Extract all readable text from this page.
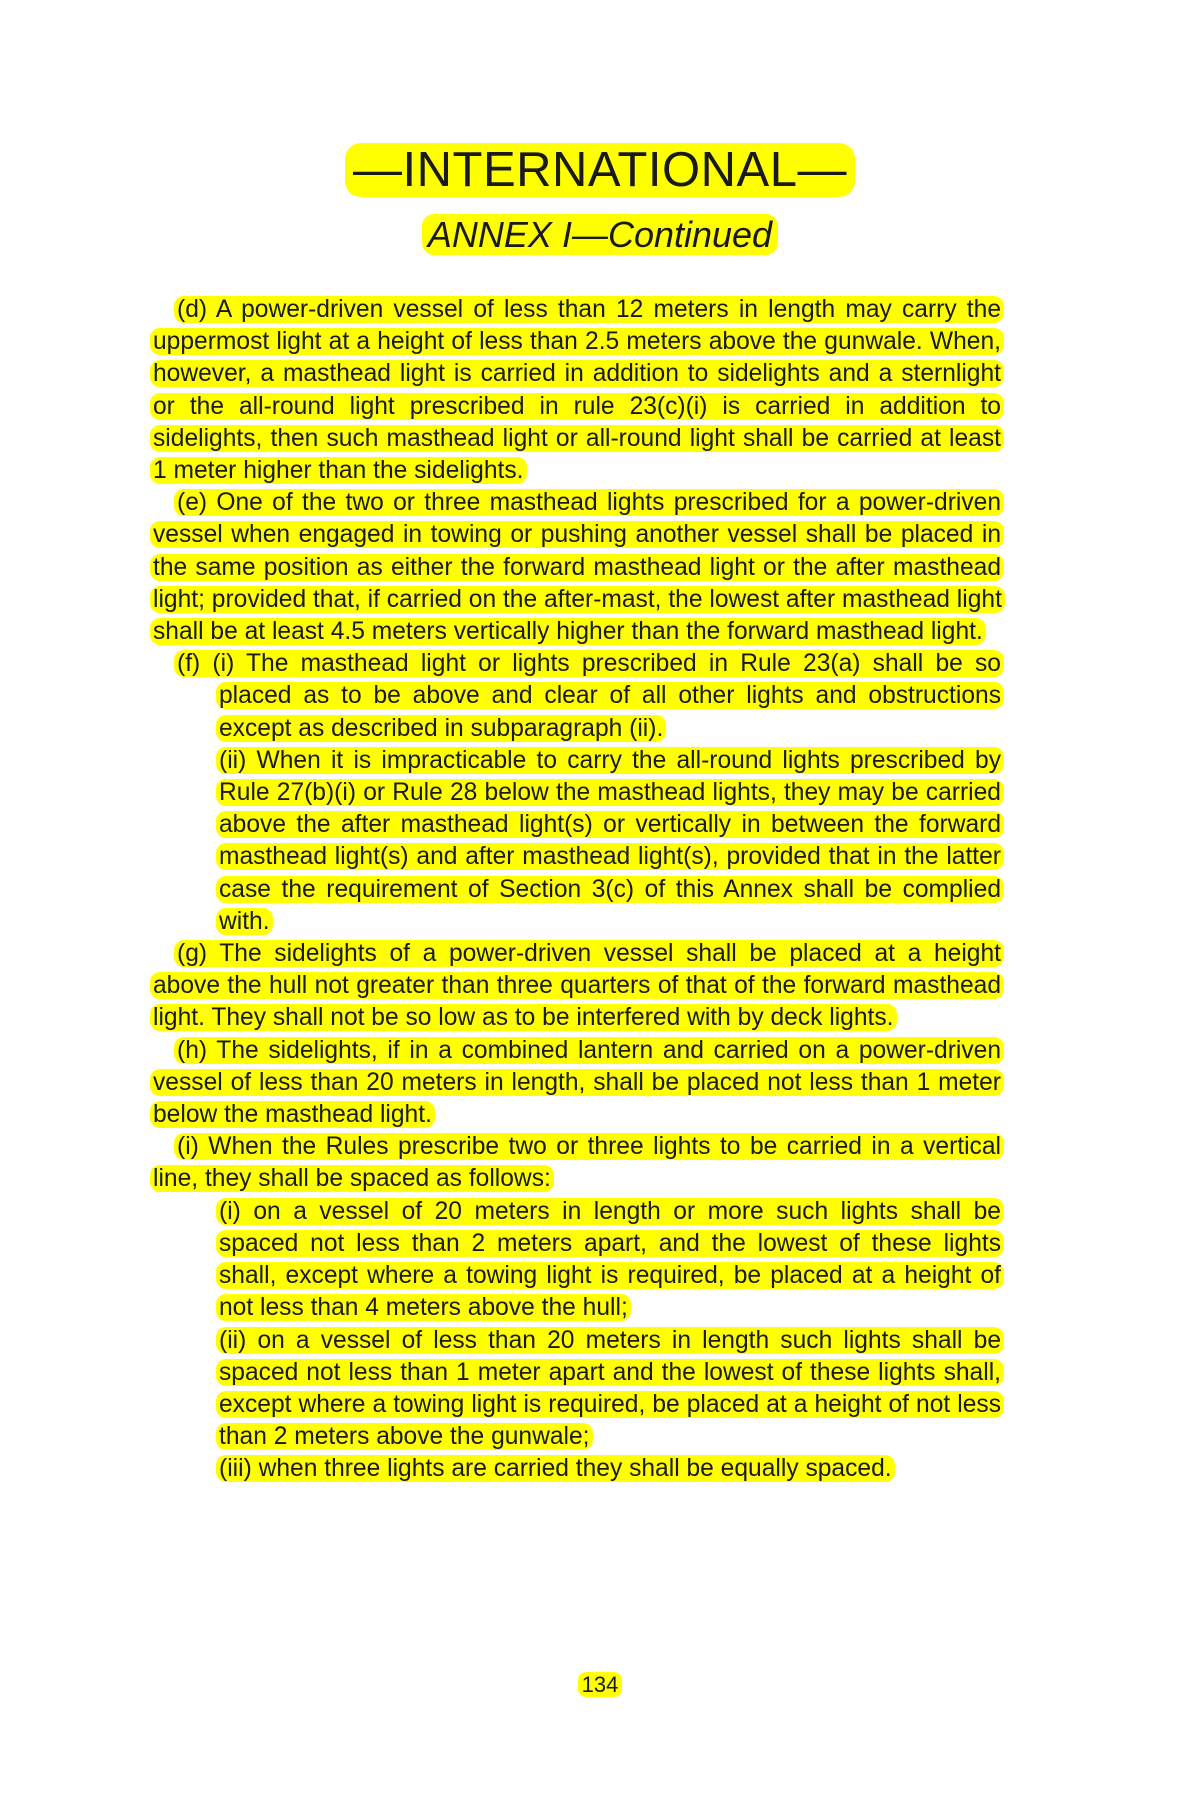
—INTERNATIONAL—
ANNEX I—Continued

(d) A power-driven vessel of less than 12 meters in length may carry the uppermost light at a height of less than 2.5 meters above the gunwale. When, however, a masthead light is carried in addition to sidelights and a sternlight or the all-round light prescribed in rule 23(c)(i) is carried in addition to sidelights, then such masthead light or all-round light shall be carried at least 1 meter higher than the sidelights.

(e) One of the two or three masthead lights prescribed for a power-driven vessel when engaged in towing or pushing another vessel shall be placed in the same position as either the forward masthead light or the after masthead light; provided that, if carried on the after-mast, the lowest after masthead light shall be at least 4.5 meters vertically higher than the forward masthead light.

(f) (i) The masthead light or lights prescribed in Rule 23(a) shall be so placed as to be above and clear of all other lights and obstructions except as described in subparagraph (ii).

(ii) When it is impracticable to carry the all-round lights prescribed by Rule 27(b)(i) or Rule 28 below the masthead lights, they may be carried above the after masthead light(s) or vertically in between the forward masthead light(s) and after masthead light(s), provided that in the latter case the requirement of Section 3(c) of this Annex shall be complied with.

(g) The sidelights of a power-driven vessel shall be placed at a height above the hull not greater than three quarters of that of the forward masthead light. They shall not be so low as to be interfered with by deck lights.

(h) The sidelights, if in a combined lantern and carried on a power-driven vessel of less than 20 meters in length, shall be placed not less than 1 meter below the masthead light.

(i) When the Rules prescribe two or three lights to be carried in a vertical line, they shall be spaced as follows:

(i) on a vessel of 20 meters in length or more such lights shall be spaced not less than 2 meters apart, and the lowest of these lights shall, except where a towing light is required, be placed at a height of not less than 4 meters above the hull;

(ii) on a vessel of less than 20 meters in length such lights shall be spaced not less than 1 meter apart and the lowest of these lights shall, except where a towing light is required, be placed at a height of not less than 2 meters above the gunwale;

(iii) when three lights are carried they shall be equally spaced.

134
